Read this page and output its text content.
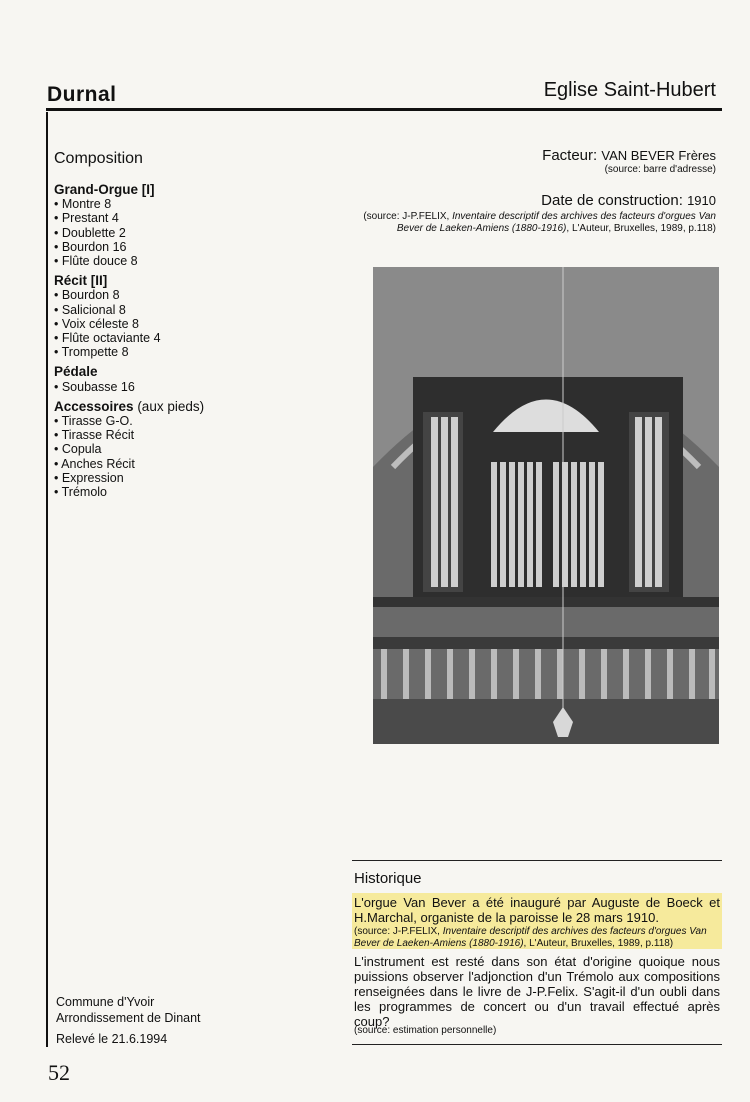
Durnal	Eglise Saint-Hubert
Composition
Grand-Orgue [I]
• Montre 8
• Prestant 4
• Doublette 2
• Bourdon 16
• Flûte douce 8
Récit [II]
• Bourdon 8
• Salicional 8
• Voix céleste 8
• Flûte octaviante 4
• Trompette 8
Pédale
• Soubasse 16
Accessoires (aux pieds)
• Tirasse G-O.
• Tirasse Récit
• Copula
• Anches Récit
• Expression
• Trémolo
Facteur: VAN BEVER Frères
(source: barre d'adresse)
Date de construction: 1910
(source: J-P.FELIX, Inventaire descriptif des archives des facteurs d'orgues Van Bever de Laeken-Amiens (1880-1916), L'Auteur, Bruxelles, 1989, p.118)
Historique
L'orgue Van Bever a été inauguré par Auguste de Boeck et H.Marchal, organiste de la paroisse le 28 mars 1910.
(source: J-P.FELIX, Inventaire descriptif des archives des facteurs d'orgues Van Bever de Laeken-Amiens (1880-1916), L'Auteur, Bruxelles, 1989, p.118)
L'instrument est resté dans son état d'origine quoique nous puissions observer l'adjonction d'un Trémolo aux compositions renseignées dans le livre de J-P.Felix. S'agit-il d'un oubli dans les programmes de concert ou d'un travail effectué après coup?
(source: estimation personnelle)
Commune d'Yvoir
Arrondissement de Dinant
Relevé le 21.6.1994
52
